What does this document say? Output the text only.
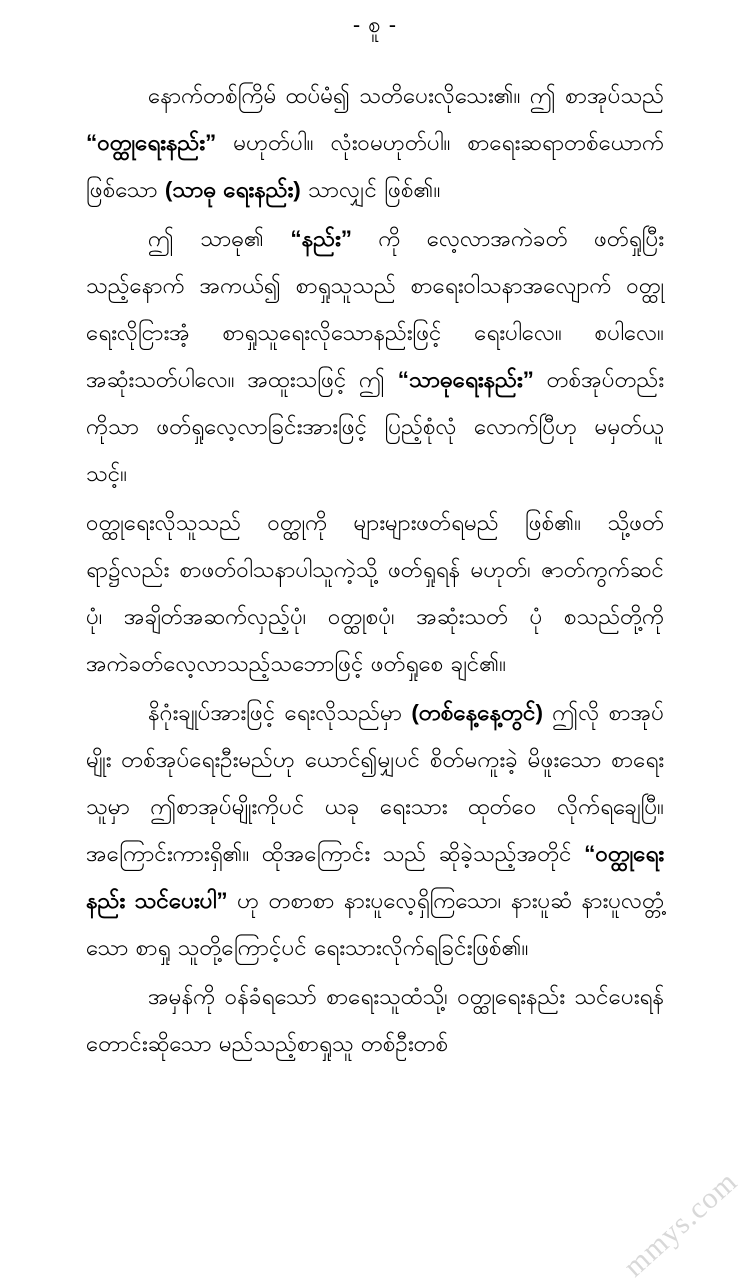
- စူ -

နောက်တစ်ကြိမ် ထပ်မံ၍ သတိပေးလိုသေး၏။ ဤ စာအုပ်သည် “ဝတ္ထုရေးနည်း” မဟုတ်ပါ။ လုံးဝမဟုတ်ပါ။ စာရေးဆရာတစ်ယောက် ဖြစ်သော (သာဓု ရေးနည်း) သာလျှင် ဖြစ်၏။

ဤ သာဓု၏ “နည်း” ကို လေ့လာအကဲခတ် ဖတ်ရှုပြီးသည့်နောက် အကယ်၍ စာရှုသူသည် စာရေးဝါသနာအလျောက် ဝတ္ထုရေးလိုငြားအံ့ စာရှုသူရေးလိုသောနည်းဖြင့် ရေးပါလေ။ စပါလေ။ အဆုံးသတ်ပါလေ။ အထူးသဖြင့် ဤ “သာဓုရေးနည်း” တစ်အုပ်တည်းကိုသာ ဖတ်ရှုလေ့လာခြင်းအားဖြင့် ပြည့်စုံလုံ လောက်ပြီဟု မမှတ်ယူသင့်။

ဝတ္ထုရေးလိုသူသည် ဝတ္ထုကို များများဖတ်ရမည် ဖြစ်၏။ သို့ဖတ်ရာ၌လည်း စာဖတ်ဝါသနာပါသူကဲ့သို့ ဖတ်ရှုရန် မဟုတ်၊ ဇာတ်ကွက်ဆင်ပုံ၊ အချိတ်အဆက်လှည့်ပုံ၊ ဝတ္ထုစပုံ၊ အဆုံးသတ် ပုံ စသည်တို့ကို အကဲခတ်လေ့လာသည့်သဘောဖြင့် ဖတ်ရှုစေ ချင်၏။

နိဂုံးချုပ်အားဖြင့် ရေးလိုသည်မှာ (တစ်နေ့နေ့တွင်) ဤလို စာအုပ်မျိုး တစ်အုပ်ရေးဦးမည်ဟု ယောင်၍မျှပင် စိတ်မကူးခဲ့ မိဖူးသော စာရေးသူမှာ ဤစာအုပ်မျိုးကိုပင် ယခု ရေးသား ထုတ်ဝေ လိုက်ရချေပြီ။ အကြောင်းကားရှိ၏။ ထိုအကြောင်း သည် ဆိုခဲ့သည့်အတိုင် “ဝတ္ထုရေးနည်း သင်ပေးပါ” ဟု တစာစာ နားပူလေ့ရှိကြသော၊ နားပူဆံ နားပူလတ္တံ့သော စာရှု သူတို့ကြောင့်ပင် ရေးသားလိုက်ရခြင်းဖြစ်၏။

အမှန်ကို ဝန်ခံရသော် စာရေးသူထံသို့၊ ဝတ္ထုရေးနည်း သင်ပေးရန် တောင်းဆိုသော မည်သည့်စာရှုသူ တစ်ဦးတစ်

mmys.com
